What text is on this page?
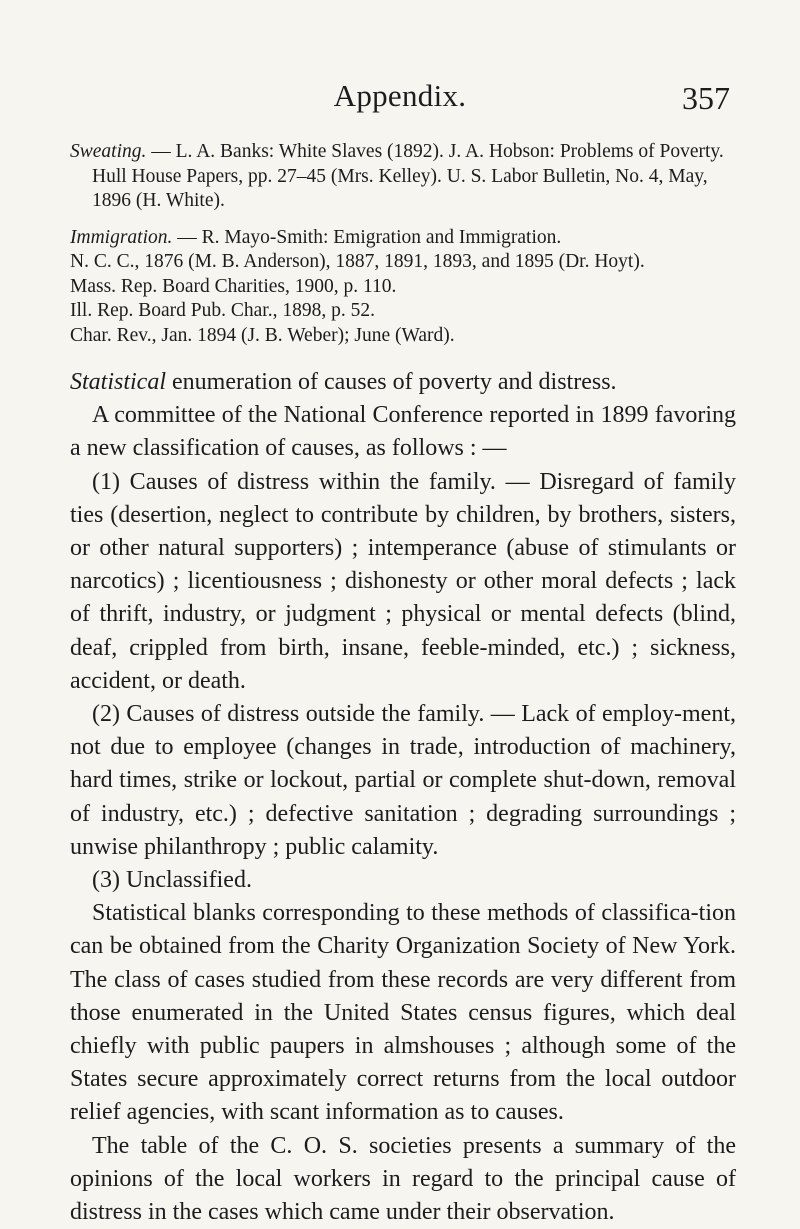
Appendix.	357

Sweating. — L. A. Banks: White Slaves (1892). J. A. Hobson: Problems of Poverty. Hull House Papers, pp. 27–45 (Mrs. Kelley). U. S. Labor Bulletin, No. 4, May, 1896 (H. White).

Immigration. — R. Mayo-Smith: Emigration and Immigration.

N. C. C., 1876 (M. B. Anderson), 1887, 1891, 1893, and 1895 (Dr. Hoyt).

Mass. Rep. Board Charities, 1900, p. 110.

Ill. Rep. Board Pub. Char., 1898, p. 52.

Char. Rev., Jan. 1894 (J. B. Weber); June (Ward).

Statistical enumeration of causes of poverty and distress.

A committee of the National Conference reported in 1899 favoring a new classification of causes, as follows : —

(1) Causes of distress within the family. — Disregard of family ties (desertion, neglect to contribute by children, by brothers, sisters, or other natural supporters) ; intemperance (abuse of stimulants or narcotics) ; licentiousness ; dishonesty or other moral defects ; lack of thrift, industry, or judgment ; physical or mental defects (blind, deaf, crippled from birth, insane, feeble-minded, etc.) ; sickness, accident, or death.

(2) Causes of distress outside the family. — Lack of employ-ment, not due to employee (changes in trade, introduction of machinery, hard times, strike or lockout, partial or complete shut-down, removal of industry, etc.) ; defective sanitation ; degrading surroundings ; unwise philanthropy ; public calamity.

(3) Unclassified.

Statistical blanks corresponding to these methods of classifica-tion can be obtained from the Charity Organization Society of New York. The class of cases studied from these records are very different from those enumerated in the United States census figures, which deal chiefly with public paupers in almshouses ; although some of the States secure approximately correct returns from the local outdoor relief agencies, with scant information as to causes.

The table of the C. O. S. societies presents a summary of the opinions of the local workers in regard to the principal cause of distress in the cases which came under their observation.
